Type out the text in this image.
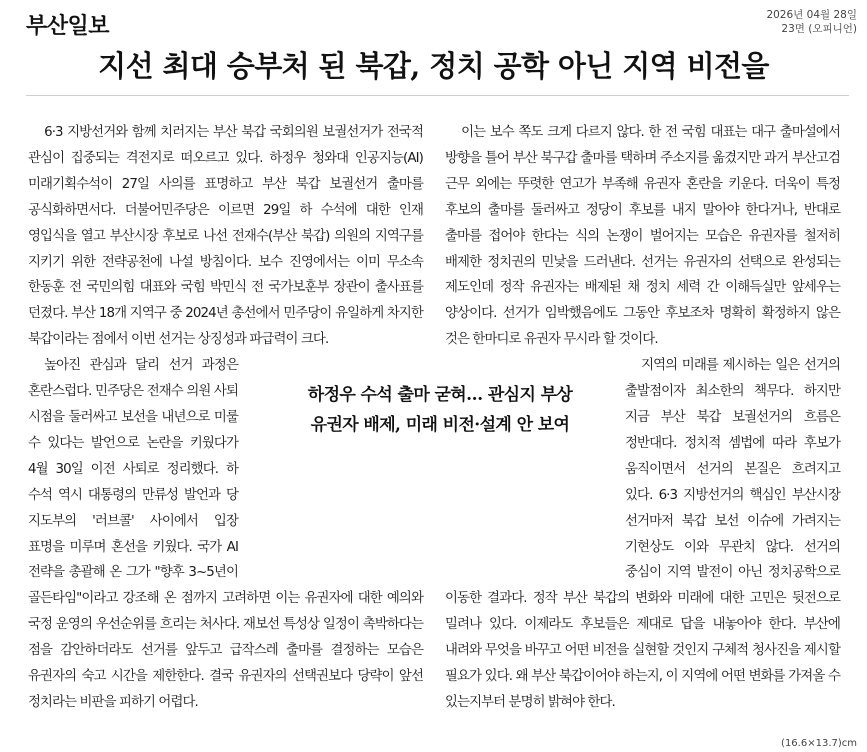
부산일보	2026년 04월 28일
23면 (오피니언)
지선 최대 승부처 된 북갑, 정치 공학 아닌 지역 비전을

6·3 지방선거와 함께 치러지는 부산 북갑 국회의원 보궐선거가 전국적 관심이 집중되는 격전지로 떠오르고 있다. 하정우 청와대 인공지능(AI) 미래기획수석이 27일 사의를 표명하고 부산 북갑 보궐선거 출마를 공식화하면서다. 더불어민주당은 이르면 29일 하 수석에 대한 인재 영입식을 열고 부산시장 후보로 나선 전재수(부산 북갑) 의원의 지역구를 지키기 위한 전략공천에 나설 방침이다. 보수 진영에서는 이미 무소속 한동훈 전 국민의힘 대표와 국힘 박민식 전 국가보훈부 장관이 출사표를 던졌다. 부산 18개 지역구 중 2024년 총선에서 민주당이 유일하게 차지한 북갑이라는 점에서 이번 선거는 상징성과 파급력이 크다.

높아진 관심과 달리 선거 과정은 혼란스럽다. 민주당은 전재수 의원 사퇴 시점을 둘러싸고 보선을 내년으로 미룰 수 있다는 발언으로 논란을 키웠다가 4월 30일 이전 사퇴로 정리했다. 하 수석 역시 대통령의 만류성 발언과 당 지도부의 '러브콜' 사이에서 입장 표명을 미루며 혼선을 키웠다. 국가 AI 전략을 총괄해 온 그가 "향후 3~5년이 골든타임"이라고 강조해 온 점까지 고려하면 이는 유권자에 대한 예의와 국정 운영의 우선순위를 흐리는 처사다. 재보선 특성상 일정이 촉박하다는 점을 감안하더라도 선거를 앞두고 급작스레 출마를 결정하는 모습은 유권자의 숙고 시간을 제한한다. 결국 유권자의 선택권보다 당략이 앞선 정치라는 비판을 피하기 어렵다.

이는 보수 쪽도 크게 다르지 않다. 한 전 국힘 대표는 대구 출마설에서 방향을 틀어 부산 북구갑 출마를 택하며 주소지를 옮겼지만 과거 부산고검 근무 외에는 뚜렷한 연고가 부족해 유권자 혼란을 키운다. 더욱이 특정 후보의 출마를 둘러싸고 정당이 후보를 내지 말아야 한다거나, 반대로 출마를 접어야 한다는 식의 논쟁이 벌어지는 모습은 유권자를 철저히 배제한 정치권의 민낯을 드러낸다. 선거는 유권자의 선택으로 완성되는 제도인데 정작 유권자는 배제된 채 정치 세력 간 이해득실만 앞세우는 양상이다. 선거가 임박했음에도 그동안 후보조차 명확히 확정하지 않은 것은 한마디로 유권자 무시라 할 것이다.

지역의 미래를 제시하는 일은 선거의 출발점이자 최소한의 책무다. 하지만 지금 부산 북갑 보궐선거의 흐름은 정반대다. 정치적 셈법에 따라 후보가 움직이면서 선거의 본질은 흐려지고 있다. 6·3 지방선거의 핵심인 부산시장 선거마저 북갑 보선 이슈에 가려지는 기현상도 이와 무관치 않다. 선거의 중심이 지역 발전이 아닌 정치공학으로 이동한 결과다. 정작 부산 북갑의 변화와 미래에 대한 고민은 뒷전으로 밀려나 있다. 이제라도 후보들은 제대로 답을 내놓아야 한다. 부산에 내려와 무엇을 바꾸고 어떤 비전을 실현할 것인지 구체적 청사진을 제시할 필요가 있다. 왜 부산 북갑이어야 하는지, 이 지역에 어떤 변화를 가져올 수 있는지부터 분명히 밝혀야 한다.

하정우 수석 출마 굳혀… 관심지 부상
유권자 배제, 미래 비전·설계 안 보여
(16.6×13.7)cm
